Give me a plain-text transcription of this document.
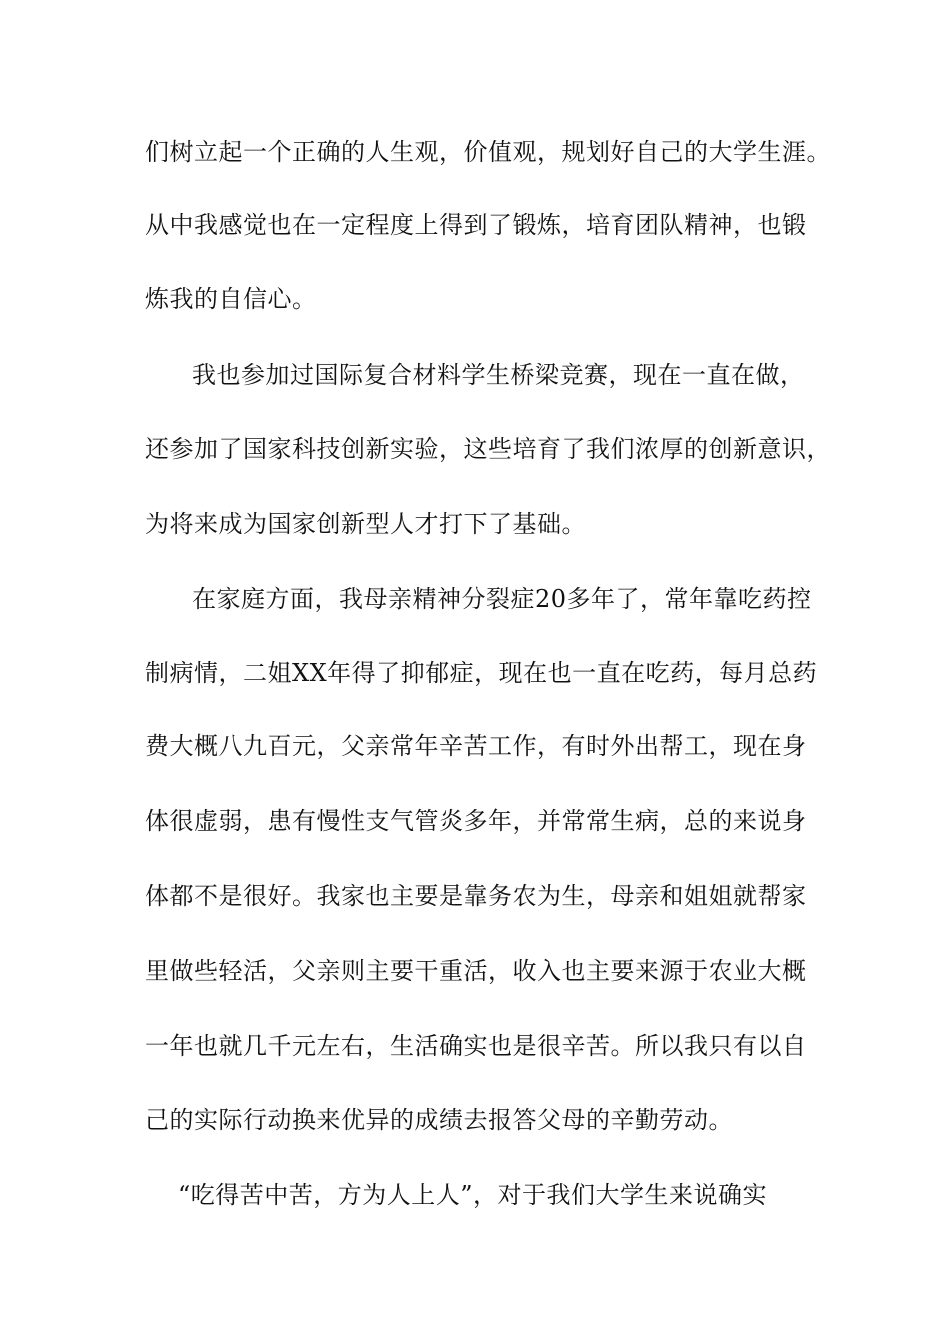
们树立起一个正确的人生观，价值观，规划好自己的大学生涯。
从中我感觉也在一定程度上得到了锻炼，培育团队精神，也锻
炼我的自信心。
我也参加过国际复合材料学生桥梁竞赛，现在一直在做，
还参加了国家科技创新实验，这些培育了我们浓厚的创新意识，
为将来成为国家创新型人才打下了基础。
在家庭方面，我母亲精神分裂症20多年了，常年靠吃药控
制病情，二姐XX年得了抑郁症，现在也一直在吃药，每月总药
费大概八九百元，父亲常年辛苦工作，有时外出帮工，现在身
体很虚弱，患有慢性支气管炎多年，并常常生病，总的来说身
体都不是很好。我家也主要是靠务农为生，母亲和姐姐就帮家
里做些轻活，父亲则主要干重活，收入也主要来源于农业大概
一年也就几千元左右，生活确实也是很辛苦。所以我只有以自
己的实际行动换来优异的成绩去报答父母的辛勤劳动。
“吃得苦中苦，方为人上人”，对于我们大学生来说确实
